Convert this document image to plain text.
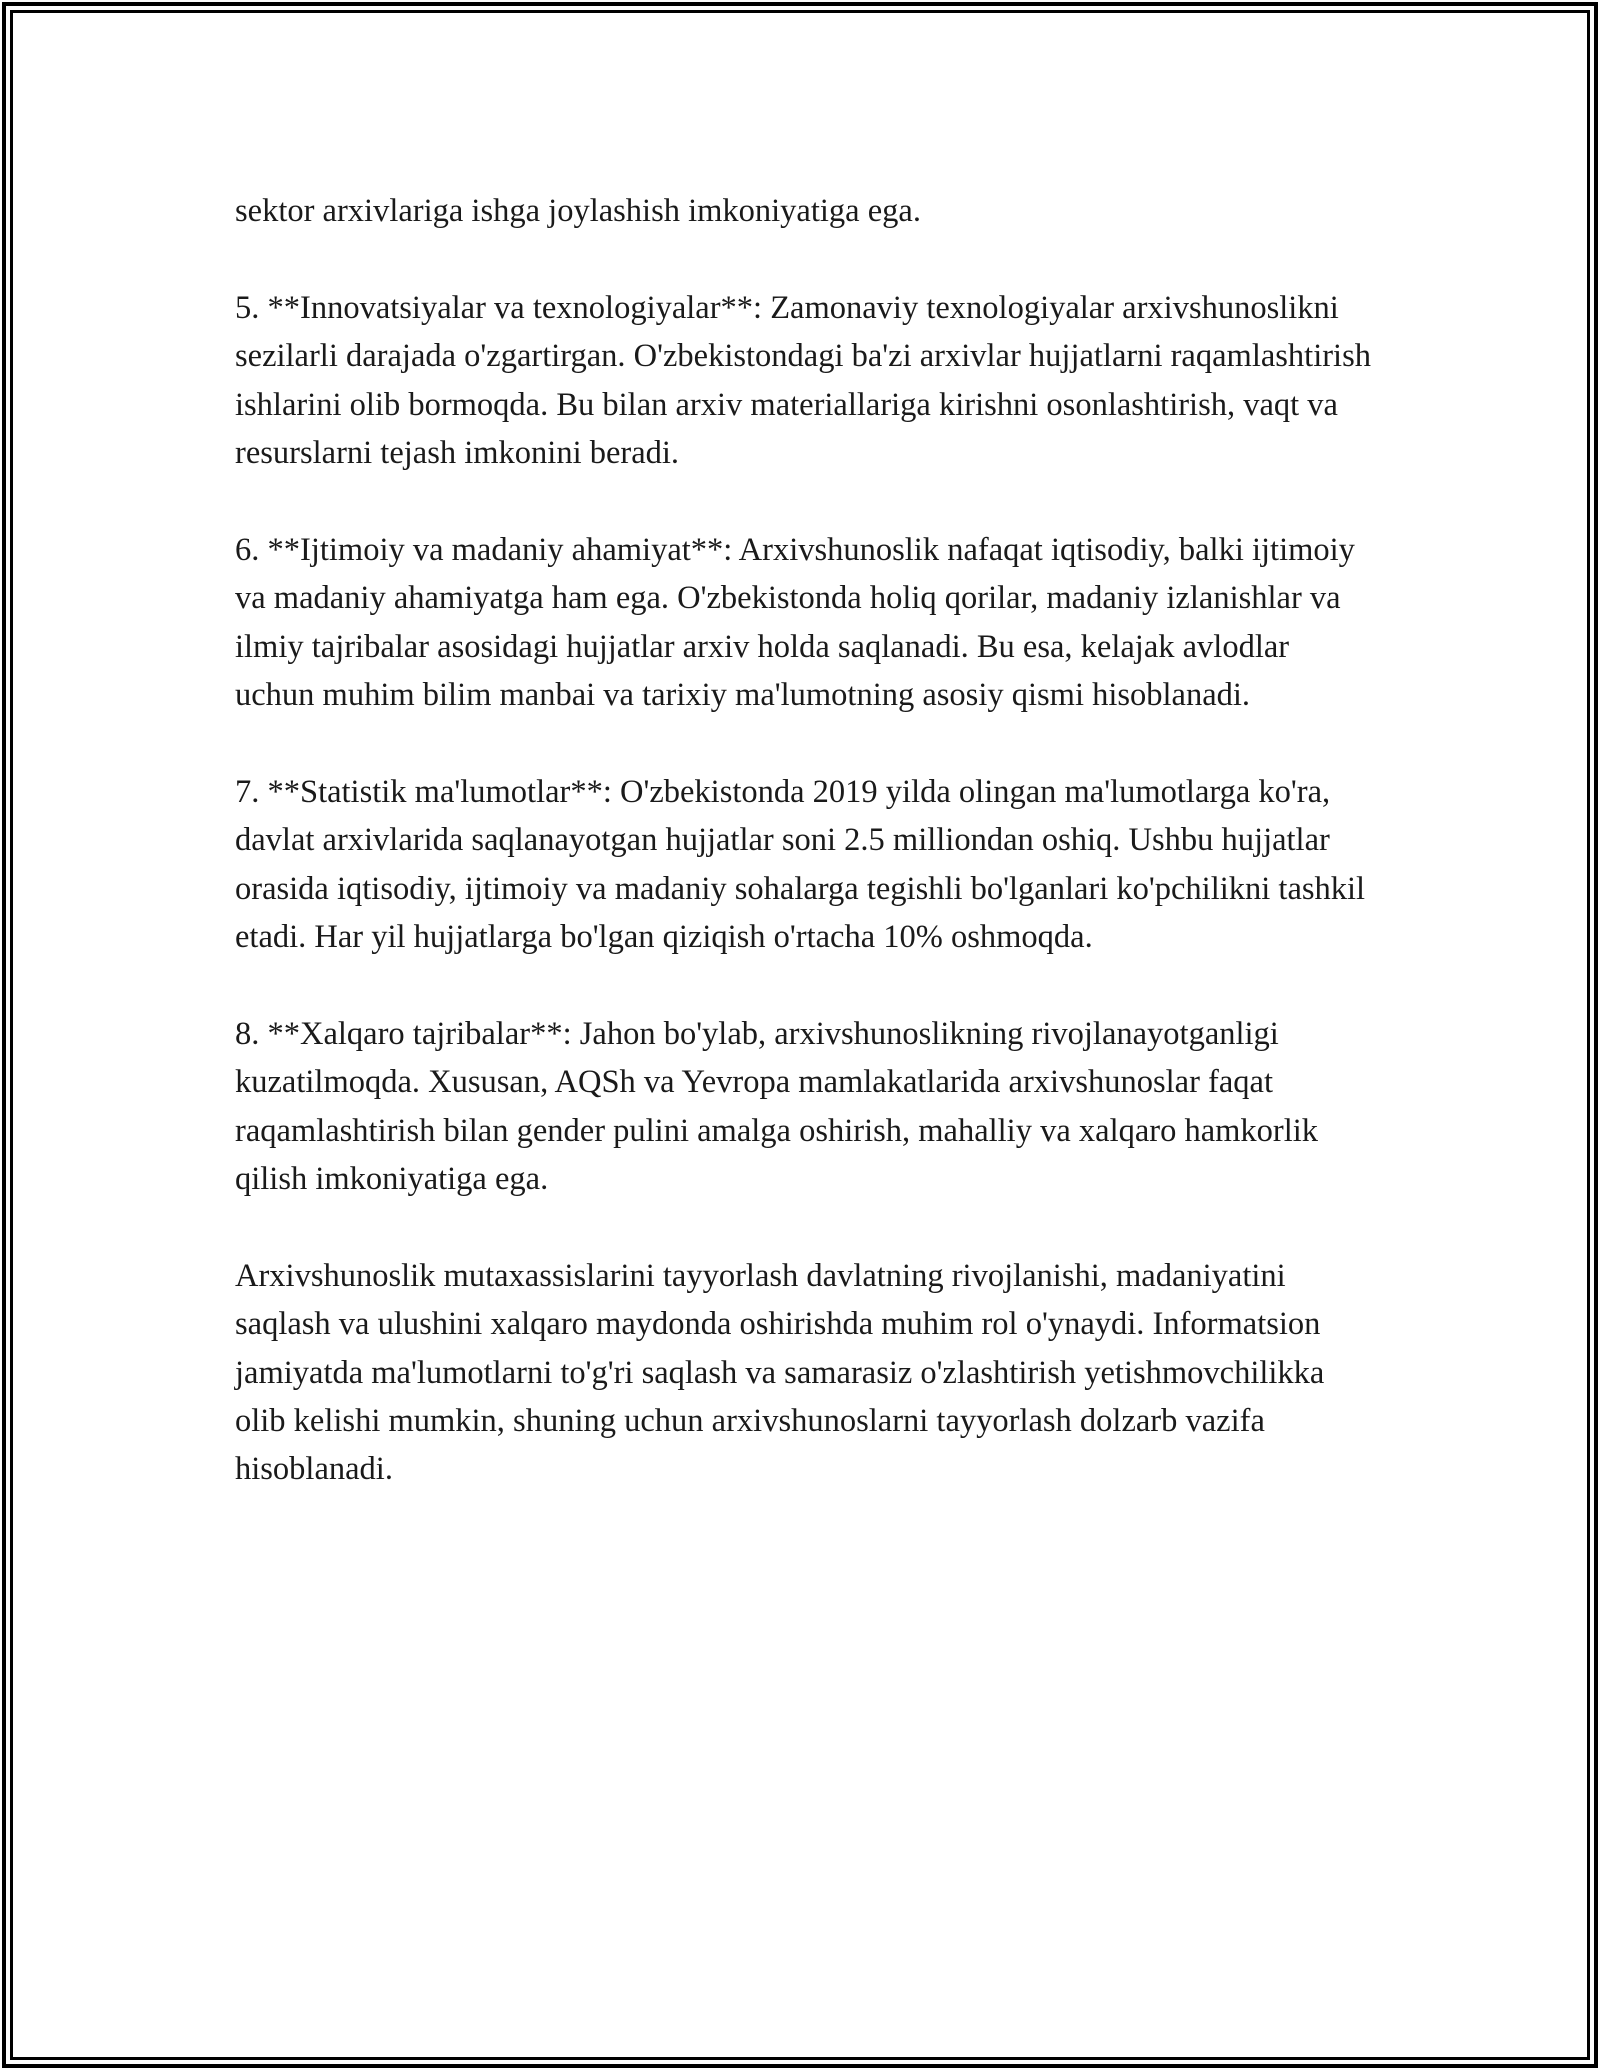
sektor arxivlariga ishga joylashish imkoniyatiga ega.

5. **Innovatsiyalar va texnologiyalar**: Zamonaviy texnologiyalar arxivshunoslikni sezilarli darajada o'zgartirgan. O'zbekistondagi ba'zi arxivlar hujjatlarni raqamlashtirish ishlarini olib bormoqda. Bu bilan arxiv materiallariga kirishni osonlashtirish, vaqt va resurslarni tejash imkonini beradi.

6. **Ijtimoiy va madaniy ahamiyat**: Arxivshunoslik nafaqat iqtisodiy, balki ijtimoiy va madaniy ahamiyatga ham ega. O'zbekistonda holiq qorilar, madaniy izlanishlar va ilmiy tajribalar asosidagi hujjatlar arxiv holda saqlanadi. Bu esa, kelajak avlodlar uchun muhim bilim manbai va tarixiy ma'lumotning asosiy qismi hisoblanadi.

7. **Statistik ma'lumotlar**: O'zbekistonda 2019 yilda olingan ma'lumotlarga ko'ra, davlat arxivlarida saqlanayotgan hujjatlar soni 2.5 milliondan oshiq. Ushbu hujjatlar orasida iqtisodiy, ijtimoiy va madaniy sohalarga tegishli bo'lganlari ko'pchilikni tashkil etadi. Har yil hujjatlarga bo'lgan qiziqish o'rtacha 10% oshmoqda.

8. **Xalqaro tajribalar**: Jahon bo'ylab, arxivshunoslikning rivojlanayotganligi kuzatilmoqda. Xususan, AQSh va Yevropa mamlakatlarida arxivshunoslar faqat raqamlashtirish bilan gender pulini amalga oshirish, mahalliy va xalqaro hamkorlik qilish imkoniyatiga ega.

Arxivshunoslik mutaxassislarini tayyorlash davlatning rivojlanishi, madaniyatini saqlash va ulushini xalqaro maydonda oshirishda muhim rol o'ynaydi. Informatsion jamiyatda ma'lumotlarni to'g'ri saqlash va samarasiz o'zlashtirish yetishmovchilikka olib kelishi mumkin, shuning uchun arxivshunoslarni tayyorlash dolzarb vazifa hisoblanadi.
